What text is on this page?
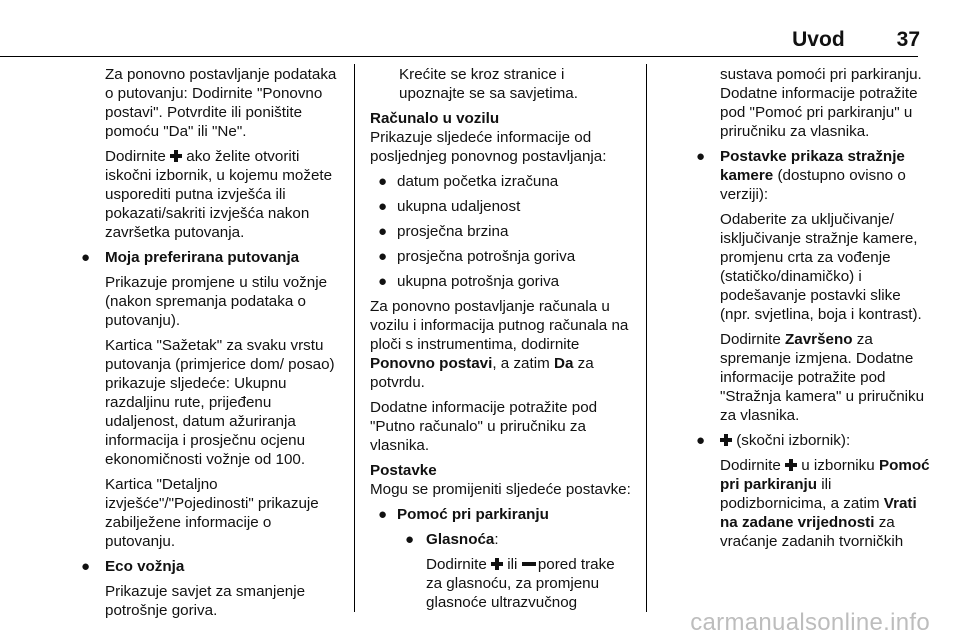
Uvod 37

Za ponovno postavljanje podataka o putovanju: Dodirnite "Ponovno postavi". Potvrdite ili poništite pomoću "Da" ili "Ne".

Dodirnite ako želite otvoriti iskočni izbornik, u kojemu možete usporediti putna izvješća ili pokazati/sakriti izvješća nakon završetka putovanja.

● Moja preferirana putovanja

Prikazuje promjene u stilu vožnje (nakon spremanja podataka o putovanju).

Kartica "Sažetak" za svaku vrstu putovanja (primjerice dom/ posao) prikazuje sljedeće: Ukupnu razdaljinu rute, prijeđenu udaljenost, datum ažuriranja informacija i prosječnu ocjenu ekonomičnosti vožnje od 100.

Kartica "Detaljno izvješće"/"Pojedinosti" prikazuje zabilježene informacije o putovanju.

● Eco vožnja

Prikazuje savjet za smanjenje potrošnje goriva.

Krećite se kroz stranice i upoznajte se sa savjetima.

Računalo u vozilu

Prikazuje sljedeće informacije od posljednjeg ponovnog postavljanja:

● datum početka izračuna

● ukupna udaljenost

● prosječna brzina

● prosječna potrošnja goriva

● ukupna potrošnja goriva

Za ponovno postavljanje računala u vozilu i informacija putnog računala na ploči s instrumentima, dodirnite Ponovno postavi, a zatim Da za potvrdu.

Dodatne informacije potražite pod "Putno računalo" u priručniku za vlasnika.

Postavke

Mogu se promijeniti sljedeće postavke:

● Pomoć pri parkiranju

● Glasnoća:

Dodirnite ili pored trake za glasnoću, za promjenu glasnoće ultrazvučnog

sustava pomoći pri parkiranju. Dodatne informacije potražite pod "Pomoć pri parkiranju" u priručniku za vlasnika.

● Postavke prikaza stražnje kamere (dostupno ovisno o verziji):

Odaberite za uključivanje/ isključivanje stražnje kamere, promjenu crta za vođenje (statičko/dinamičko) i podešavanje postavki slike (npr. svjetlina, boja i kontrast).

Dodirnite Završeno za spremanje izmjena. Dodatne informacije potražite pod "Stražnja kamera" u priručniku za vlasnika.

●	(skočni izbornik):

Dodirnite u izborniku Pomoć pri parkiranju ili podizbornicima, a zatim Vrati na zadane vrijednosti za vraćanje zadanih tvorničkih

carmanualsonline.info
